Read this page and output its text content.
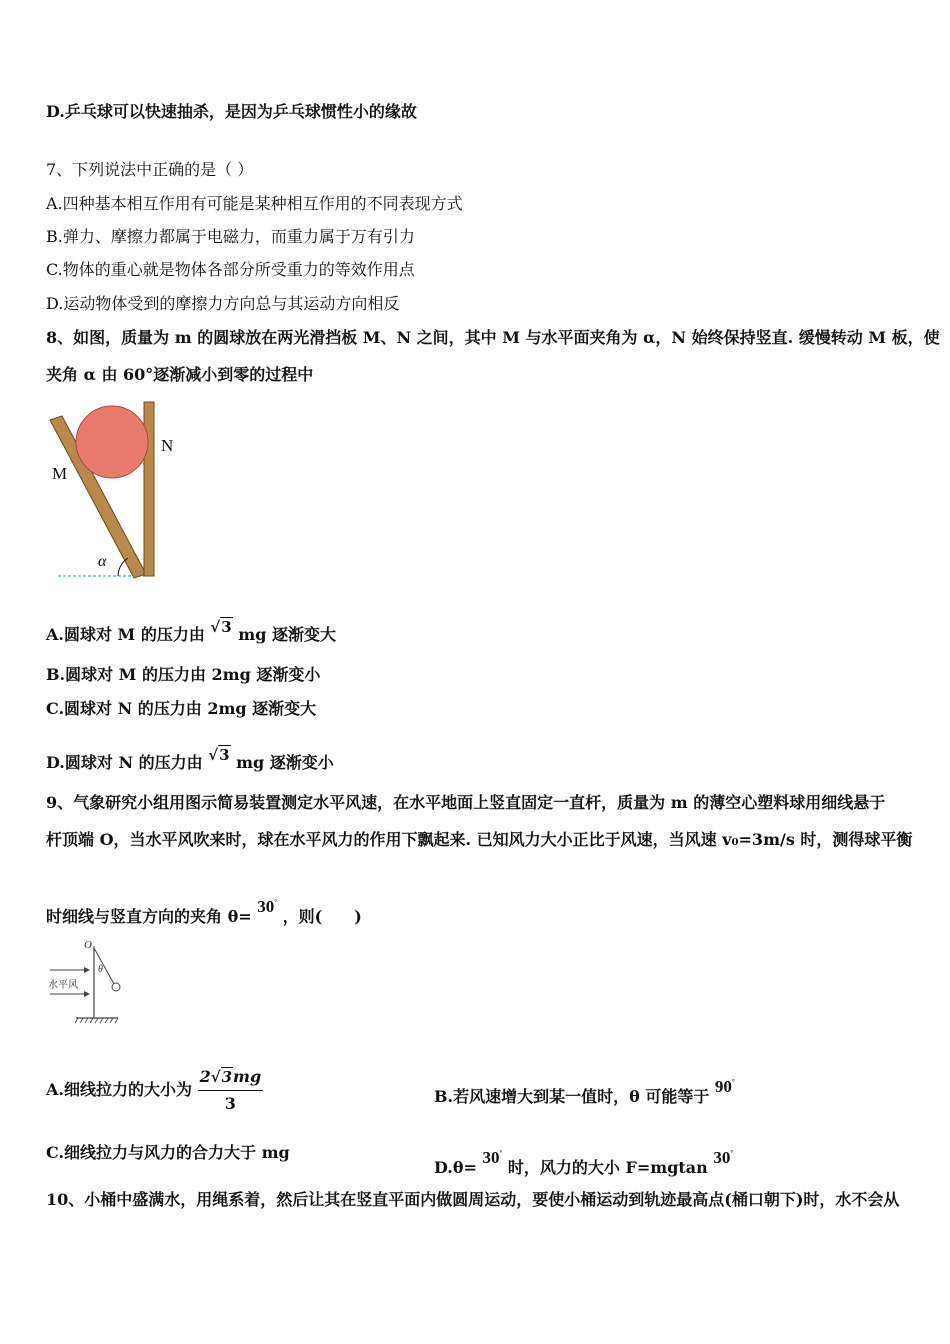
D.乒乓球可以快速抽杀，是因为乒乓球惯性小的缘故
7、下列说法中正确的是（ ）
A.四种基本相互作用有可能是某种相互作用的不同表现方式
B.弹力、摩擦力都属于电磁力，而重力属于万有引力
C.物体的重心就是物体各部分所受重力的等效作用点
D.运动物体受到的摩擦力方向总与其运动方向相反
8、如图，质量为 m 的圆球放在两光滑挡板 M、N 之间，其中 M 与水平面夹角为 α，N 始终保持竖直. 缓慢转动 M 板，使
夹角 α 由 60°逐渐减小到零的过程中
M
N
α
A.圆球对 M 的压力由 √3 mg 逐渐变大
B.圆球对 M 的压力由 2mg 逐渐变小
C.圆球对 N 的压力由 2mg 逐渐变大
D.圆球对 N 的压力由 √3 mg 逐渐变小
9、气象研究小组用图示简易装置测定水平风速，在水平地面上竖直固定一直杆，质量为 m 的薄空心塑料球用细线悬于
杆顶端 O，当水平风吹来时，球在水平风力的作用下飘起来. 已知风力大小正比于风速，当风速 v₀=3m/s 时，测得球平衡
时细线与竖直方向的夹角 θ= 30° ，则(　　)
O
θ
水平风
A.细线拉力的大小为 $\frac{2√3mg}{3}$	B.若风速增大到某一值时，θ 可能等于 90°
C.细线拉力与风力的合力大于 mg
D.θ= 30° 时，风力的大小 F=mgtan 30°
10、小桶中盛满水，用绳系着，然后让其在竖直平面内做圆周运动，要使小桶运动到轨迹最高点(桶口朝下)时，水不会从
